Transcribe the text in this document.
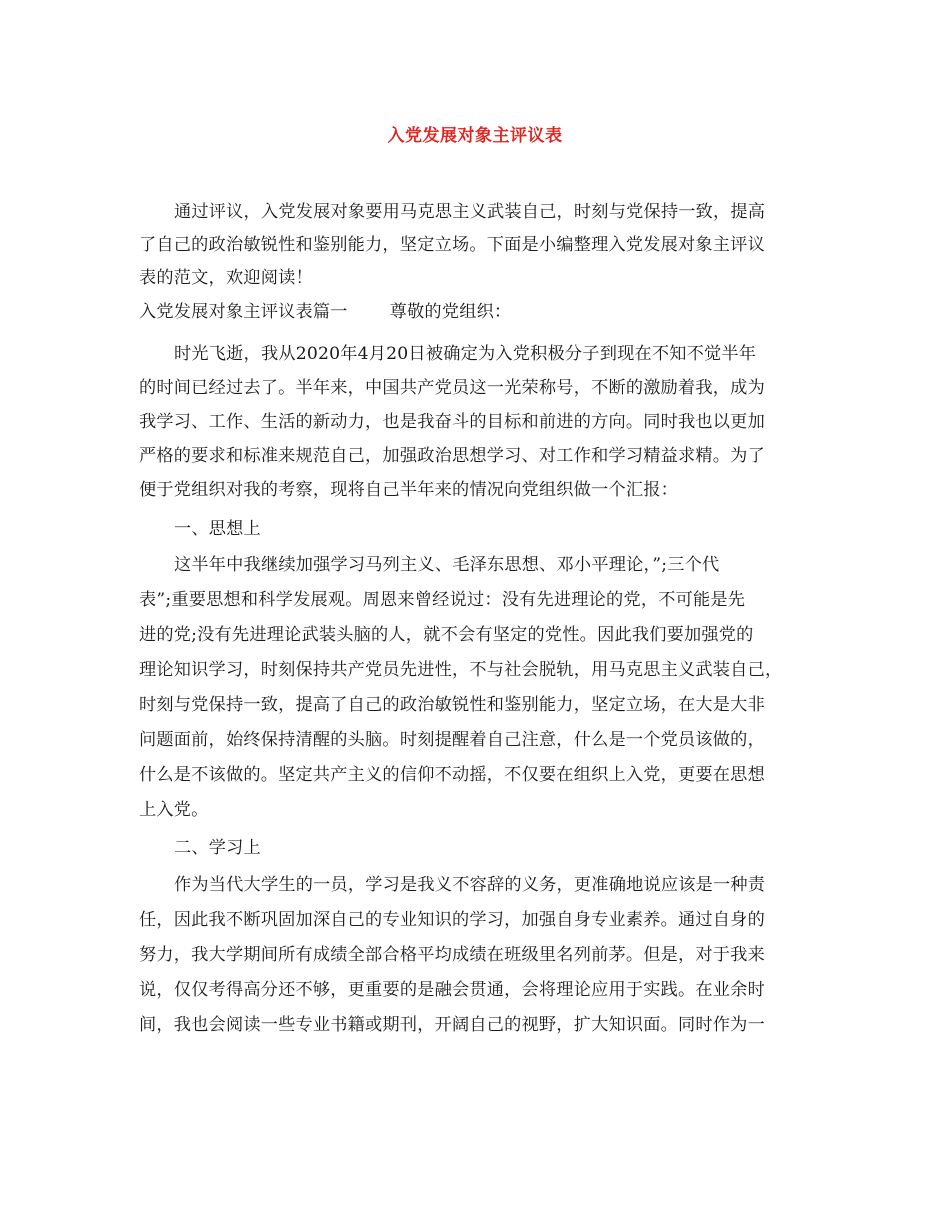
入党发展对象主评议表
通过评议，入党发展对象要用马克思主义武装自己，时刻与党保持一致，提高
了自己的政治敏锐性和鉴别能力，坚定立场。下面是小编整理入党发展对象主评议
表的范文，欢迎阅读！
入党发展对象主评议表篇一 尊敬的党组织：
时光飞逝，我从2020年4月20日被确定为入党积极分子到现在不知不觉半年
的时间已经过去了。半年来，中国共产党员这一光荣称号，不断的激励着我，成为
我学习、工作、生活的新动力，也是我奋斗的目标和前进的方向。同时我也以更加
严格的要求和标准来规范自己，加强政治思想学习、对工作和学习精益求精。为了
便于党组织对我的考察，现将自己半年来的情况向党组织做一个汇报：
一、思想上
这半年中我继续加强学习马列主义、毛泽东思想、邓小平理论，”;三个代
表”;重要思想和科学发展观。周恩来曾经说过：没有先进理论的党，不可能是先
进的党;没有先进理论武装头脑的人，就不会有坚定的党性。因此我们要加强党的
理论知识学习，时刻保持共产党员先进性，不与社会脱轨，用马克思主义武装自己，
时刻与党保持一致，提高了自己的政治敏锐性和鉴别能力，坚定立场，在大是大非
问题面前，始终保持清醒的头脑。时刻提醒着自己注意，什么是一个党员该做的，
什么是不该做的。坚定共产主义的信仰不动摇，不仅要在组织上入党，更要在思想
上入党。
二、学习上
作为当代大学生的一员，学习是我义不容辞的义务，更准确地说应该是一种责
任，因此我不断巩固加深自己的专业知识的学习，加强自身专业素养。通过自身的
努力，我大学期间所有成绩全部合格平均成绩在班级里名列前茅。但是，对于我来
说，仅仅考得高分还不够，更重要的是融会贯通，会将理论应用于实践。在业余时
间，我也会阅读一些专业书籍或期刊，开阔自己的视野，扩大知识面。同时作为一
